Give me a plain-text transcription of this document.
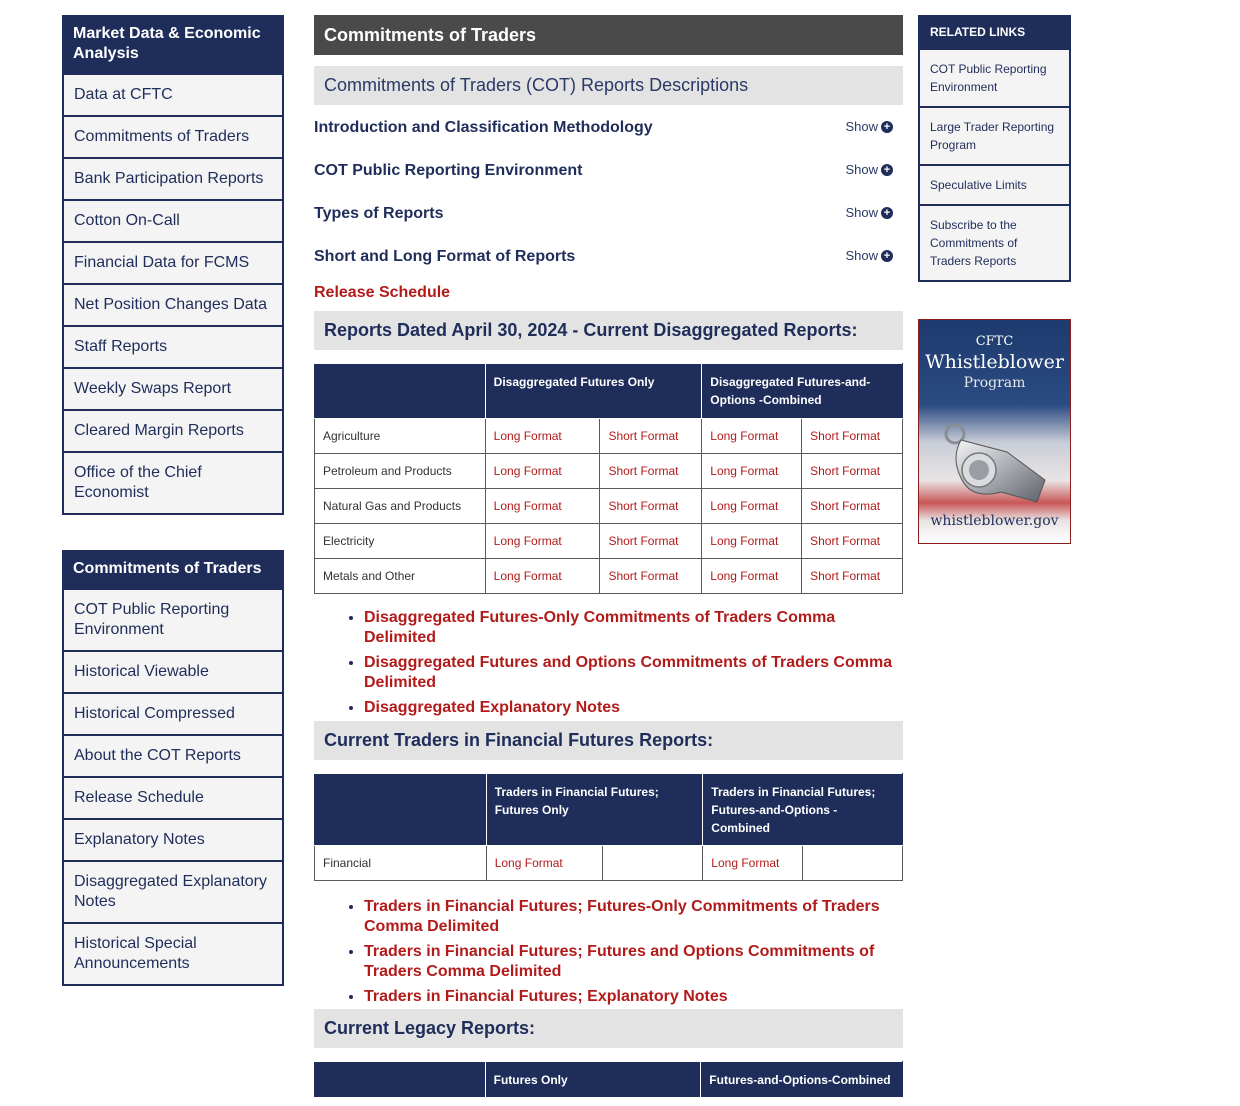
Market Data & Economic Analysis
Data at CFTC
Commitments of Traders
Bank Participation Reports
Cotton On-Call
Financial Data for FCMS
Net Position Changes Data
Staff Reports
Weekly Swaps Report
Cleared Margin Reports
Office of the Chief Economist
Commitments of Traders
COT Public Reporting Environment
Historical Viewable
Historical Compressed
About the COT Reports
Release Schedule
Explanatory Notes
Disaggregated Explanatory Notes
Historical Special Announcements
Commitments of Traders
Commitments of Traders (COT) Reports Descriptions
Introduction and Classification Methodology	Show +
COT Public Reporting Environment	Show +
Types of Reports	Show +
Short and Long Format of Reports	Show +
Release Schedule
Reports Dated April 30, 2024 - Current Disaggregated Reports:
	Disaggregated Futures Only		Disaggregated Futures-and-Options -Combined	
Agriculture	Long Format	Short Format	Long Format	Short Format
Petroleum and Products	Long Format	Short Format	Long Format	Short Format
Natural Gas and Products	Long Format	Short Format	Long Format	Short Format
Electricity	Long Format	Short Format	Long Format	Short Format
Metals and Other	Long Format	Short Format	Long Format	Short Format
• Disaggregated Futures-Only Commitments of Traders Comma Delimited
• Disaggregated Futures and Options Commitments of Traders Comma Delimited
• Disaggregated Explanatory Notes
Current Traders in Financial Futures Reports:
	Traders in Financial Futures; Futures Only		Traders in Financial Futures; Futures-and-Options - Combined	
Financial	Long Format		Long Format	
• Traders in Financial Futures; Futures-Only Commitments of Traders Comma Delimited
• Traders in Financial Futures; Futures and Options Commitments of Traders Comma Delimited
• Traders in Financial Futures; Explanatory Notes
Current Legacy Reports:
	Futures Only	Futures-and-Options-Combined
RELATED LINKS
COT Public Reporting Environment
Large Trader Reporting Program
Speculative Limits
Subscribe to the Commitments of Traders Reports
CFTC
Whistleblower
Program
whistleblower.gov
